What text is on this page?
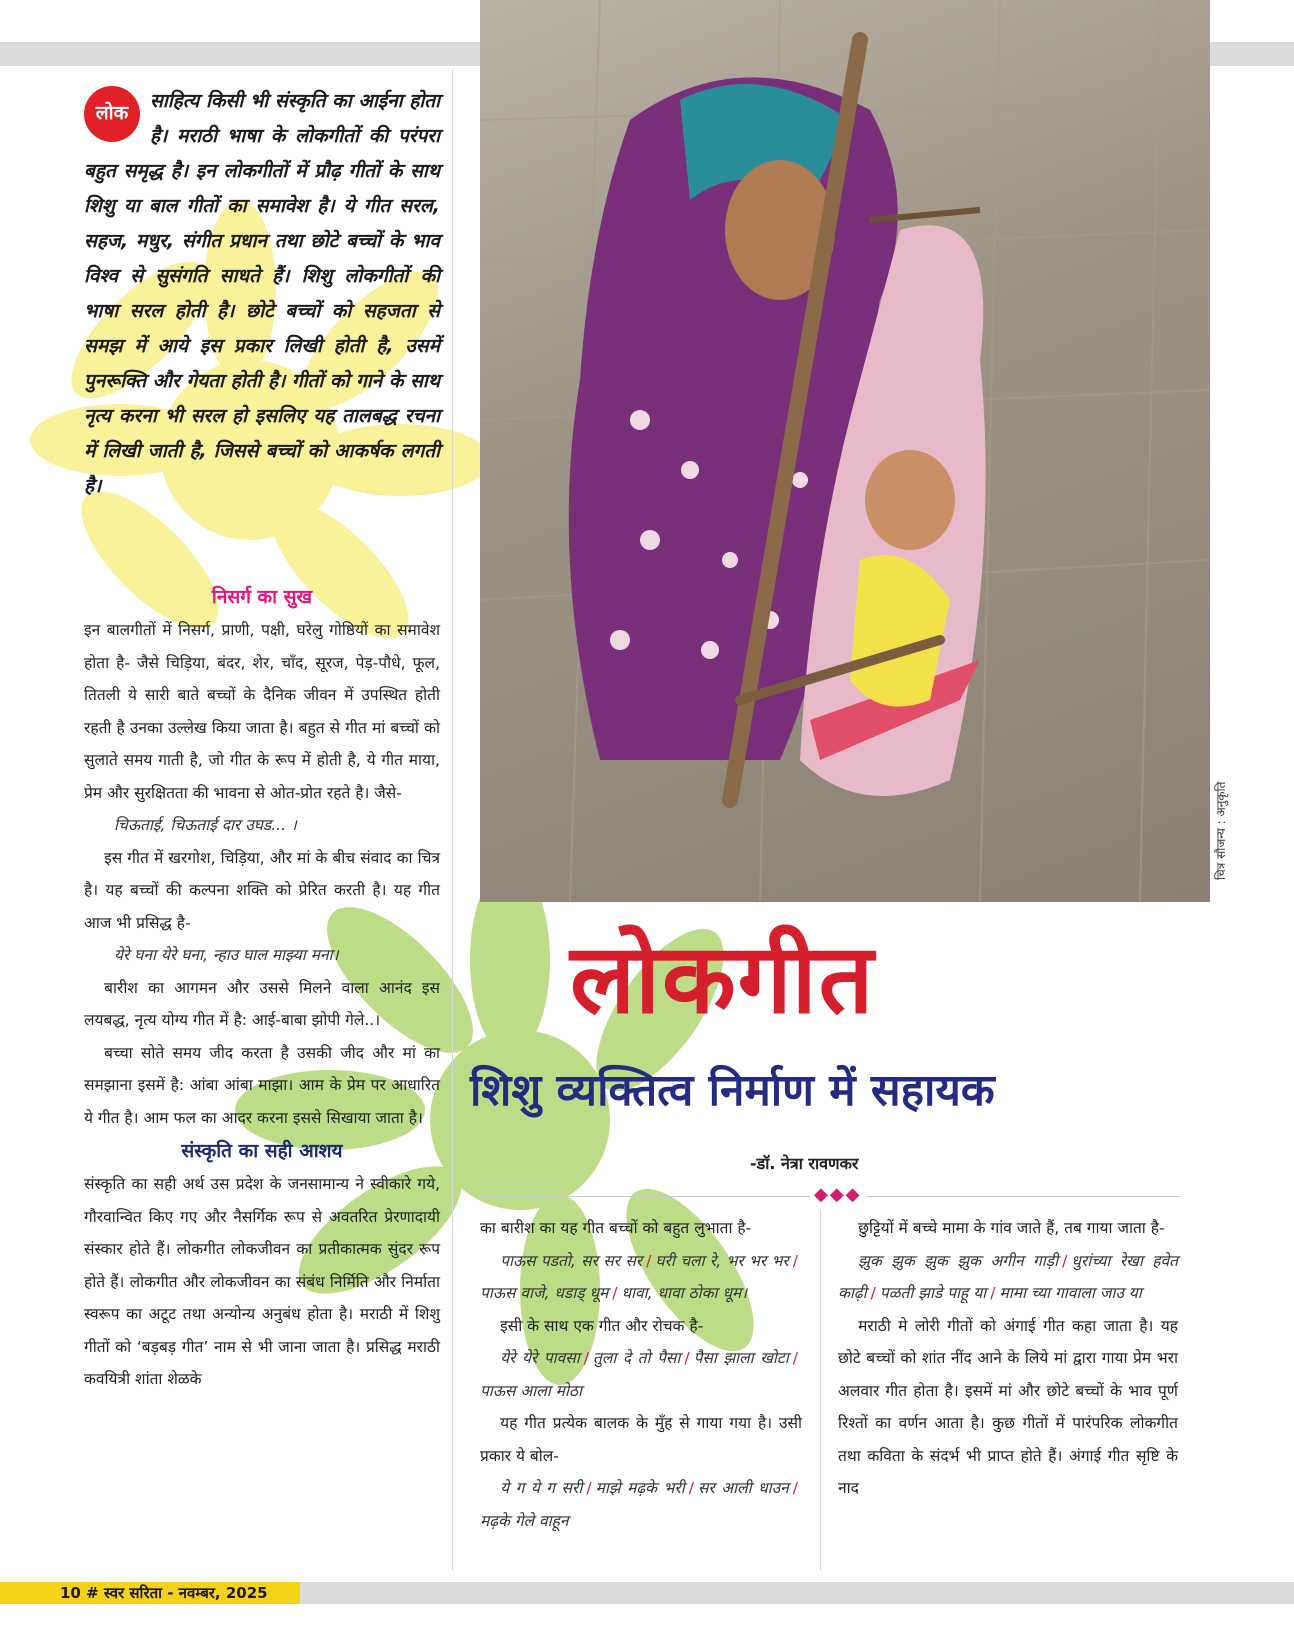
चित्र सौजन्य : अनुकृति
लोक
साहित्य किसी भी संस्कृति का आईना होता है। मराठी भाषा के लोकगीतों की परंपरा बहुत समृद्ध है। इन लोकगीतों में प्रौढ़ गीतों के साथ शिशु या बाल गीतों का समावेश है। ये गीत सरल, सहज, मधुर, संगीत प्रधान तथा छोटे बच्चों के भाव विश्व से सुसंगति साधते हैं। शिशु लोकगीतों की भाषा सरल होती है। छोटे बच्चों को सहजता से समझ में आये इस प्रकार लिखी होती है, उसमें पुनरूक्ति और गेयता होती है। गीतों को गाने के साथ नृत्य करना भी सरल हो इसलिए यह तालबद्ध रचना में लिखी जाती है, जिससे बच्चों को आकर्षक लगती है।
निसर्ग का सुख

इन बालगीतों में निसर्ग, प्राणी, पक्षी, घरेलु गोष्ठियों का समावेश होता है- जैसे चिड़िया, बंदर, शेर, चाँद, सूरज, पेड़-पौधे, फूल, तितली ये सारी बाते बच्चों के दैनिक जीवन में उपस्थित होती रहती है उनका उल्लेख किया जाता है। बहुत से गीत मां बच्चों को सुलाते समय गाती है, जो गीत के रूप में होती है, ये गीत माया, प्रेम और सुरक्षितता की भावना से ओत-प्रोत रहते है। जैसे-

चिऊताई, चिऊताई दार उघड... ।

इस गीत में खरगोश, चिड़िया, और मां के बीच संवाद का चित्र है। यह बच्चों की कल्पना शक्ति को प्रेरित करती है। यह गीत आज भी प्रसिद्ध है-

येरे घना येरे घना, न्हाउ घाल माझ्या मना।

बारीश का आगमन और उससे मिलने वाला आनंद इस लयबद्ध, नृत्य योग्य गीत में है: आई-बाबा झोपी गेले..।

बच्चा सोते समय जीद करता है उसकी जीद और मां का समझाना इसमें है: आंबा आंबा माझा। आम के प्रेम पर आधारित ये गीत है। आम फल का आदर करना इससे सिखाया जाता है।

संस्कृति का सही आशय

संस्कृति का सही अर्थ उस प्रदेश के जनसामान्य ने स्वीकारे गये, गौरवान्वित किए गए और नैसर्गिक रूप से अवतरित प्रेरणादायी संस्कार होते हैं। लोकगीत लोकजीवन का प्रतीकात्मक सुंदर रूप होते हैं। लोकगीत और लोकजीवन का संबंध निर्मिति और निर्माता स्वरूप का अटूट तथा अन्योन्य अनुबंध होता है। मराठी में शिशु गीतों को ‘बड़बड़ गीत’ नाम से भी जाना जाता है। प्रसिद्ध मराठी कवयित्री शांता शेळके

लोकगीत
शिशु व्यक्तित्व निर्माण में सहायक
-डॉ. नेत्रा रावणकर
◆◆◆

का बारीश का यह गीत बच्चों को बहुत लुभाता है-

पाऊस पडतो, सर सर सर / घरी चला रे, भर भर भर /पाऊस वाजे, धडाड् धूम / धावा, धावा ठोका धूम।

इसी के साथ एक गीत और रोचक है-

येरे येरे पावसा / तुला दे तो पैसा / पैसा झाला खोटा /पाऊस आला मोठा

यह गीत प्रत्येक बालक के मुँह से गाया गया है। उसी प्रकार ये बोल-

ये ग ये ग सरी / माझे मढ़के भरी / सर आली धाउन /मढ़के गेले वाहून

छुट्टियों में बच्चे मामा के गांव जाते हैं, तब गाया जाता है-

झुक झुक झुक झुक अगीन गाड़ी / धुरांच्या रेखा हवेत काढ़ी / पळती झाडे पाहू या / मामा च्या गावाला जाउ या

मराठी मे लोरी गीतों को अंगाई गीत कहा जाता है। यह छोटे बच्चों को शांत नींद आने के लिये मां द्वारा गाया प्रेम भरा अलवार गीत होता है। इसमें मां और छोटे बच्चों के भाव पूर्ण रिश्तों का वर्णन आता है। कुछ गीतों में पारंपरिक लोकगीत तथा कविता के संदर्भ भी प्राप्त होते हैं। अंगाई गीत सृष्टि के नाद

10 # स्वर सरिता - नवम्बर, 2025
